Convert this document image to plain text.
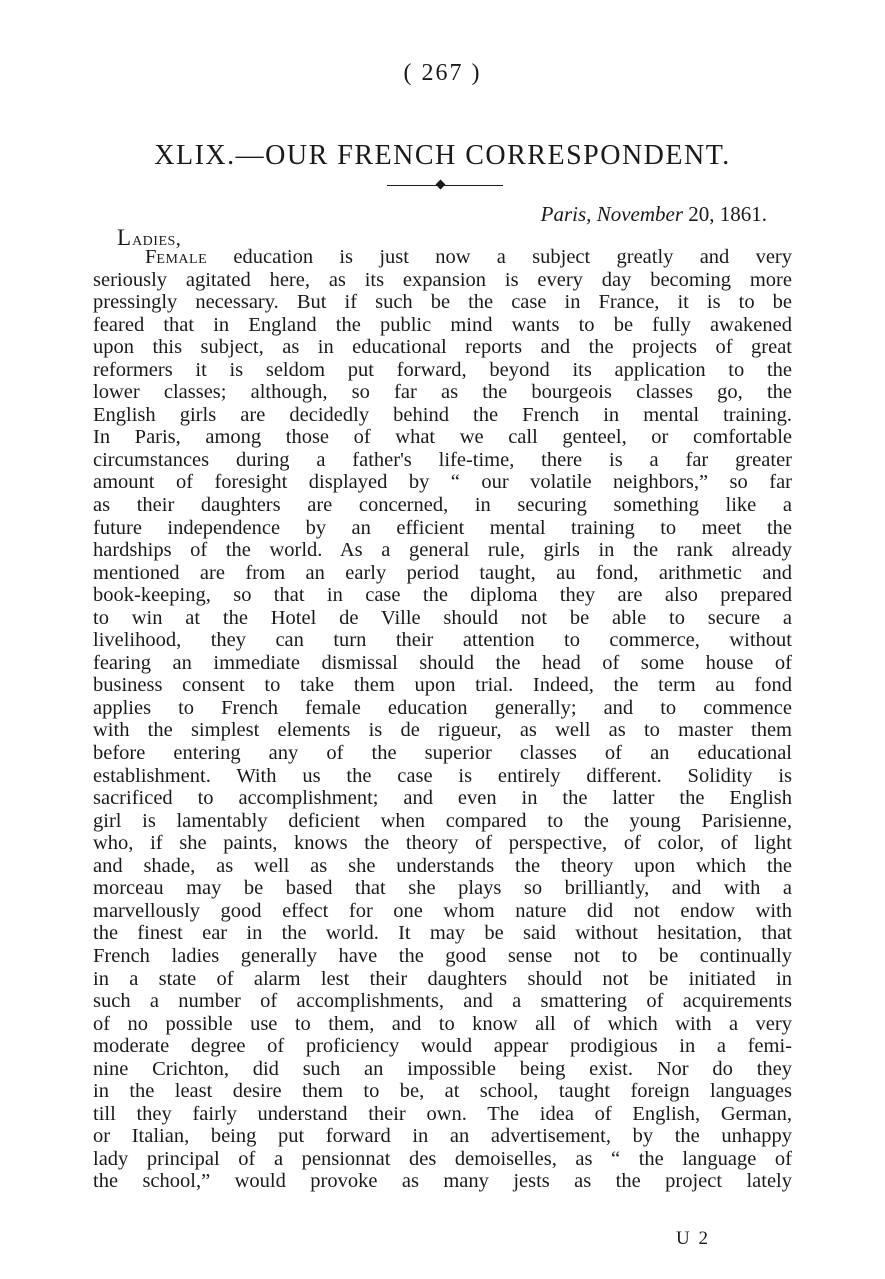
( 267 )
XLIX.—OUR FRENCH CORRESPONDENT.
Paris, November 20, 1861.
Ladies,
Female education is just now a subject greatly and very
seriously agitated here, as its expansion is every day becoming more
pressingly necessary. But if such be the case in France, it is to be
feared that in England the public mind wants to be fully awakened
upon this subject, as in educational reports and the projects of great
reformers it is seldom put forward, beyond its application to the
lower classes; although, so far as the bourgeois classes go, the
English girls are decidedly behind the French in mental training.
In Paris, among those of what we call genteel, or comfortable
circumstances during a father's life-time, there is a far greater
amount of foresight displayed by “ our volatile neighbors,” so far
as their daughters are concerned, in securing something like a
future independence by an efficient mental training to meet the
hardships of the world. As a general rule, girls in the rank already
mentioned are from an early period taught, au fond, arithmetic and
book-keeping, so that in case the diploma they are also prepared
to win at the Hotel de Ville should not be able to secure a
livelihood, they can turn their attention to commerce, without
fearing an immediate dismissal should the head of some house of
business consent to take them upon trial. Indeed, the term au fond
applies to French female education generally; and to commence
with the simplest elements is de rigueur, as well as to master them
before entering any of the superior classes of an educational
establishment. With us the case is entirely different. Solidity is
sacrificed to accomplishment; and even in the latter the English
girl is lamentably deficient when compared to the young Parisienne,
who, if she paints, knows the theory of perspective, of color, of light
and shade, as well as she understands the theory upon which the
morceau may be based that she plays so brilliantly, and with a
marvellously good effect for one whom nature did not endow with
the finest ear in the world. It may be said without hesitation, that
French ladies generally have the good sense not to be continually
in a state of alarm lest their daughters should not be initiated in
such a number of accomplishments, and a smattering of acquirements
of no possible use to them, and to know all of which with a very
moderate degree of proficiency would appear prodigious in a femi-
nine Crichton, did such an impossible being exist. Nor do they
in the least desire them to be, at school, taught foreign languages
till they fairly understand their own. The idea of English, German,
or Italian, being put forward in an advertisement, by the unhappy
lady principal of a pensionnat des demoiselles, as “ the language of
the school,” would provoke as many jests as the project lately
U 2
